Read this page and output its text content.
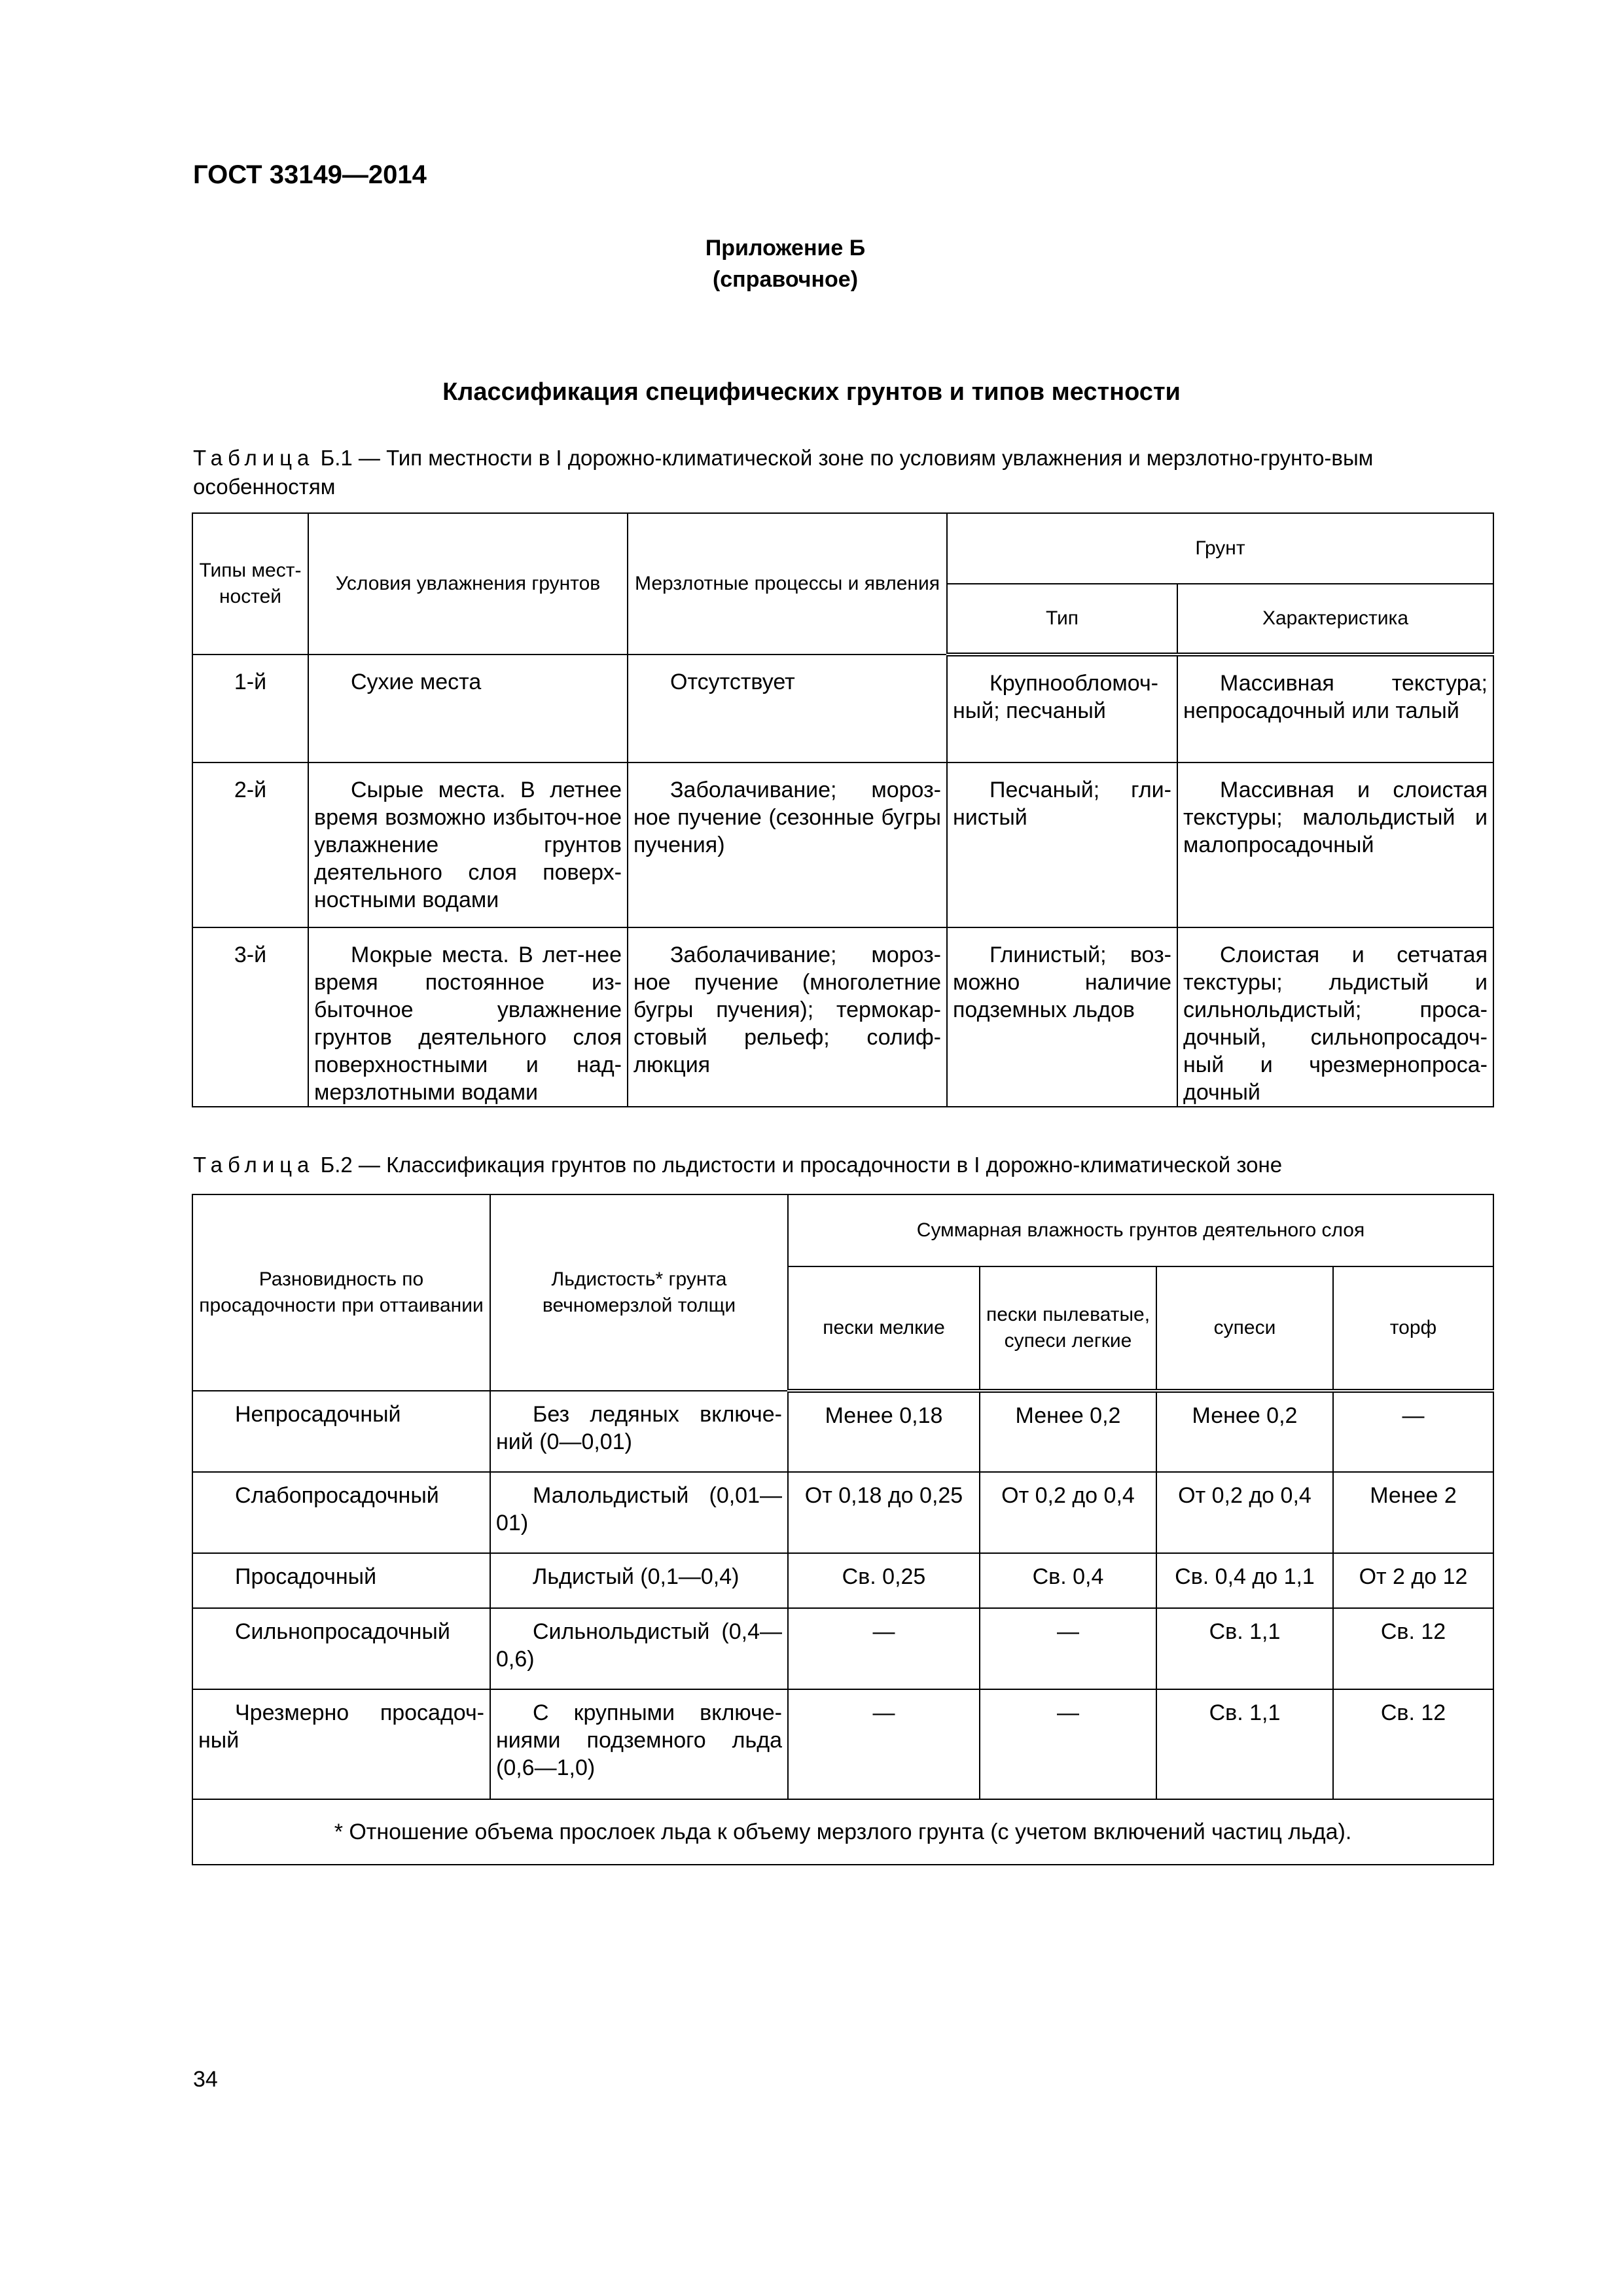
ГОСТ 33149—2014
Приложение Б
(справочное)
Классификация специфических грунтов и типов местности
Таблица Б.1 — Тип местности в I дорожно-климатической зоне по условиям увлажнения и мерзлотно-грунто-вым особенностям
Типы мест-ностей	Условия увлажнения грунтов	Мерзлотные процессы и явления	Грунт	
			Тип	Характеристика
1-й	Сухие места	Отсутствует	Крупнообломоч-ный; песчаный	Массивная текстура; непросадочный или талый
2-й	Сырые места. В летнее время возможно избыточ-ное увлажнение грунтов деятельного слоя поверх-ностными водами	Заболачивание; мороз-ное пучение (сезонные бугры пучения)	Песчаный; гли-нистый	Массивная и слоистая текстуры; малольдистый и малопросадочный
3-й	Мокрые места. В лет-нее время постоянное из-быточное увлажнение грунтов деятельного слоя поверхностными и над-мерзлотными водами	Заболачивание; мороз-ное пучение (многолетние бугры пучения); термокар-стовый рельеф; солиф-люкция	Глинистый; воз-можно наличие подземных льдов	Слоистая и сетчатая текстуры; льдистый и сильнольдистый; проса-дочный, сильнопросадоч-ный и чрезмернопроса-дочный
Таблица Б.2 — Классификация грунтов по льдистости и просадочности в I дорожно-климатической зоне
Разновидность по просадочности при оттаивании	Льдистость* грунта вечномерзлой толщи	Суммарная влажность грунтов деятельного слоя			
		пески мелкие	пески пылеватые, супеси легкие	супеси	торф
Непросадочный	Без ледяных включе-ний (0—0,01)	Менее 0,18	Менее 0,2	Менее 0,2	—
Слабопросадочный	Малольдистый (0,01—01)	От 0,18 до 0,25	От 0,2 до 0,4	От 0,2 до 0,4	Менее 2
Просадочный	Льдистый (0,1—0,4)	Св. 0,25	Св. 0,4	Св. 0,4 до 1,1	От 2 до 12
Сильнопросадочный	Сильнольдистый (0,4—0,6)	—	—	Св. 1,1	Св. 12
Чрезмерно просадоч-ный	С крупными включе-ниями подземного льда (0,6—1,0)	—	—	Св. 1,1	Св. 12
* Отношение объема прослоек льда к объему мерзлого грунта (с учетом включений частиц льда).					
34
